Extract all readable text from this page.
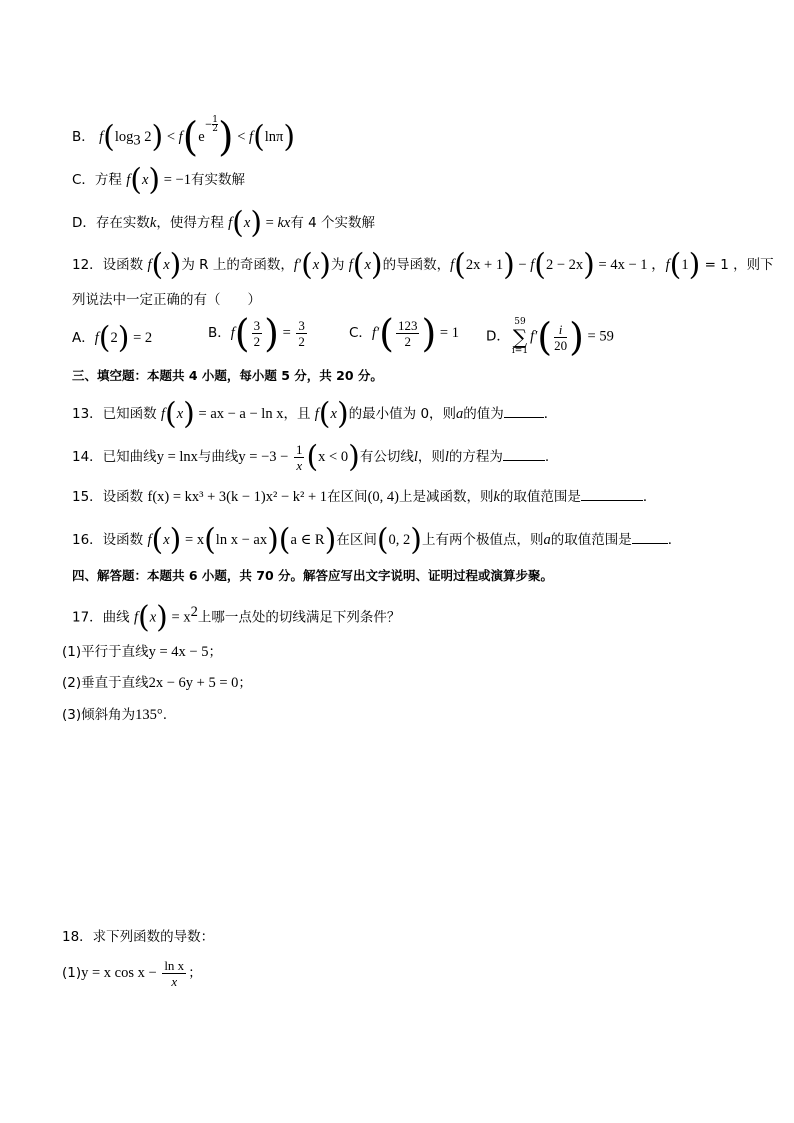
B． $f(\log_3$ $2) < f(e- \frac{1}{2}$ ) < f(lnπ)
C．方程 f(x) = −1有实数解
D．存在实数k，使得方程 f(x) = kx有 4 个实数解
12．设函数 f(x)为 R 上的奇函数，f′(x)为 f(x)的导函数，f(2x + 1) − f(2 − 2x) = 4x − 1 ，f(1) = 1 ，则下
列说法中一定正确的有（　　）
A．f(2) = 2	B．$f( \frac{3}{2}$ ) = $\frac{3}{2}$	C．$f'( \frac{123}{2}$ ) = 1 D．59
∑
$i=1f'( \frac{i}{20}$ ) = 59
三、填空题：本题共 4 小题，每小题 5 分，共 20 分。
13．已知函数 f(x) = ax − a − ln x，且 f(x)的最小值为 0，则a的值为	．
14．已知曲线y = lnx与曲线$y = -3 - \frac{1}{x} (x < 0)$有公切线l，则l的方程为	.
15．设函数 f(x) = kx³ + 3(k − 1)x² − k² + 1在区间(0, 4)上是减函数，则k的取值范围是	．
16．设函数 f(x) = x(ln x − ax)(a ∈ R)在区间(0, 2)上有两个极值点，则a的取值范围是	．
四、解答题：本题共 6 小题，共 70 分。解答应写出文字说明、证明过程或演算步聚。
17．曲线 $f(x) = x^2$上哪一点处的切线满足下列条件？
(1)平行于直线y = 4x − 5；
(2)垂直于直线2x − 6y + 5 = 0；
(3)倾斜角为135°.
18．求下列函数的导数：
(1)y = x $\cos x - \frac{\text{ln x}}{x}$ ；
